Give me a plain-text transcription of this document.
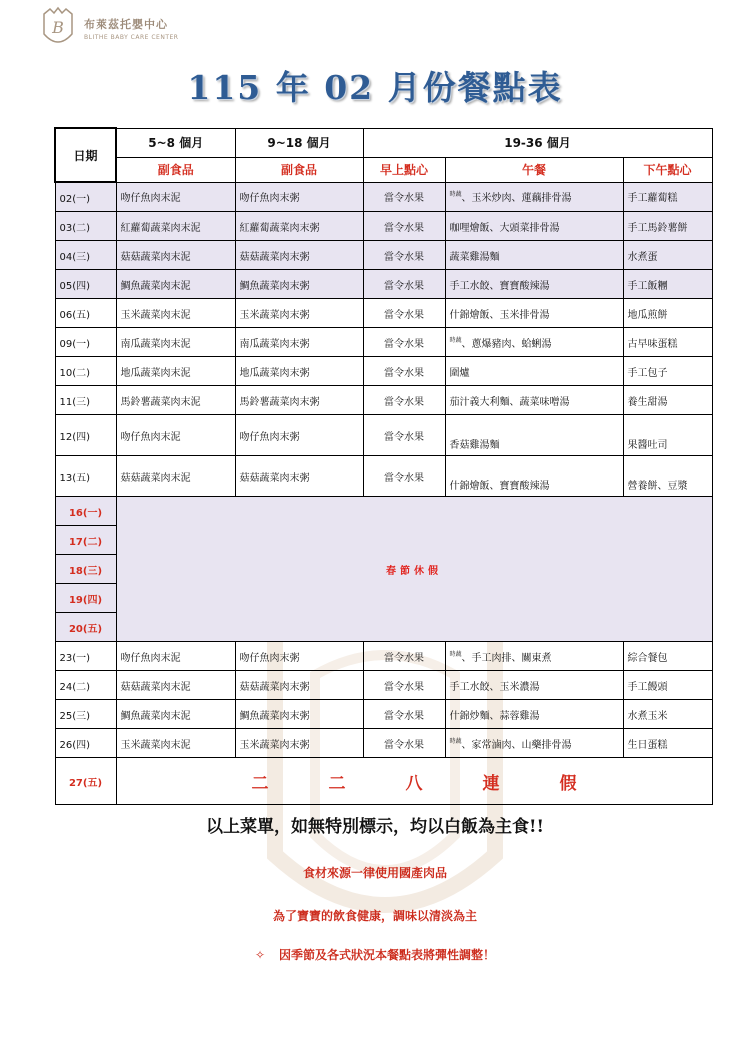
B 布萊茲托嬰中心
BLITHE BABY CARE CENTER
115 年 02 月份餐點表
日期	5~8 個月	9~18 個月	19-36 個月		
	副食品	副食品	早上點心	午餐	下午點心
02(一)	吻仔魚肉末泥	吻仔魚肉末粥	當令水果	$^{時蔬}$、玉米炒肉、蓮藕排骨湯	手工蘿蔔糕
03(二)	紅蘿蔔蔬菜肉末泥	紅蘿蔔蔬菜肉末粥	當令水果	咖哩燴飯、大頭菜排骨湯	手工馬鈴薯餅
04(三)	菇菇蔬菜肉末泥	菇菇蔬菜肉末粥	當令水果	蔬菜雞湯麵	水煮蛋
05(四)	鯛魚蔬菜肉末泥	鯛魚蔬菜肉末粥	當令水果	手工水餃、寶寶酸辣湯	手工飯糰
06(五)	玉米蔬菜肉末泥	玉米蔬菜肉末粥	當令水果	什錦燴飯、玉米排骨湯	地瓜煎餅
09(一)	南瓜蔬菜肉末泥	南瓜蔬菜肉末粥	當令水果	$^{時蔬}$、蔥爆豬肉、蛤蜊湯	古早味蛋糕
10(二)	地瓜蔬菜肉末泥	地瓜蔬菜肉末粥	當令水果	圍爐	手工包子
11(三)	馬鈴薯蔬菜肉末泥	馬鈴薯蔬菜肉末粥	當令水果	茄汁義大利麵、蔬菜味噌湯	養生甜湯
12(四)	吻仔魚肉末泥	吻仔魚肉末粥	當令水果	香菇雞湯麵	果醬吐司
13(五)	菇菇蔬菜肉末泥	菇菇蔬菜肉末粥	當令水果	什錦燴飯、寶寶酸辣湯	營養餅、豆漿
16(一)	春節休假				
17(二)					
18(三)					
19(四)					
20(五)					
23(一)	吻仔魚肉末泥	吻仔魚肉末粥	當令水果	$^{時蔬}$、手工肉排、關東煮	綜合餐包
24(二)	菇菇蔬菜肉末泥	菇菇蔬菜肉末粥	當令水果	手工水餃、玉米濃湯	手工饅頭
25(三)	鯛魚蔬菜肉末泥	鯛魚蔬菜肉末粥	當令水果	什錦炒麵、蒜蓉雞湯	水煮玉米
26(四)	玉米蔬菜肉末泥	玉米蔬菜肉末粥	當令水果	$^{時蔬}$、家常滷肉、山藥排骨湯	生日蛋糕
27(五)	二 二 八 連 假				
以上菜單，如無特別標示，均以白飯為主食!!
食材來源一律使用國產肉品
為了寶寶的飲食健康，調味以清淡為主
✧ 因季節及各式狀況本餐點表將彈性調整！
